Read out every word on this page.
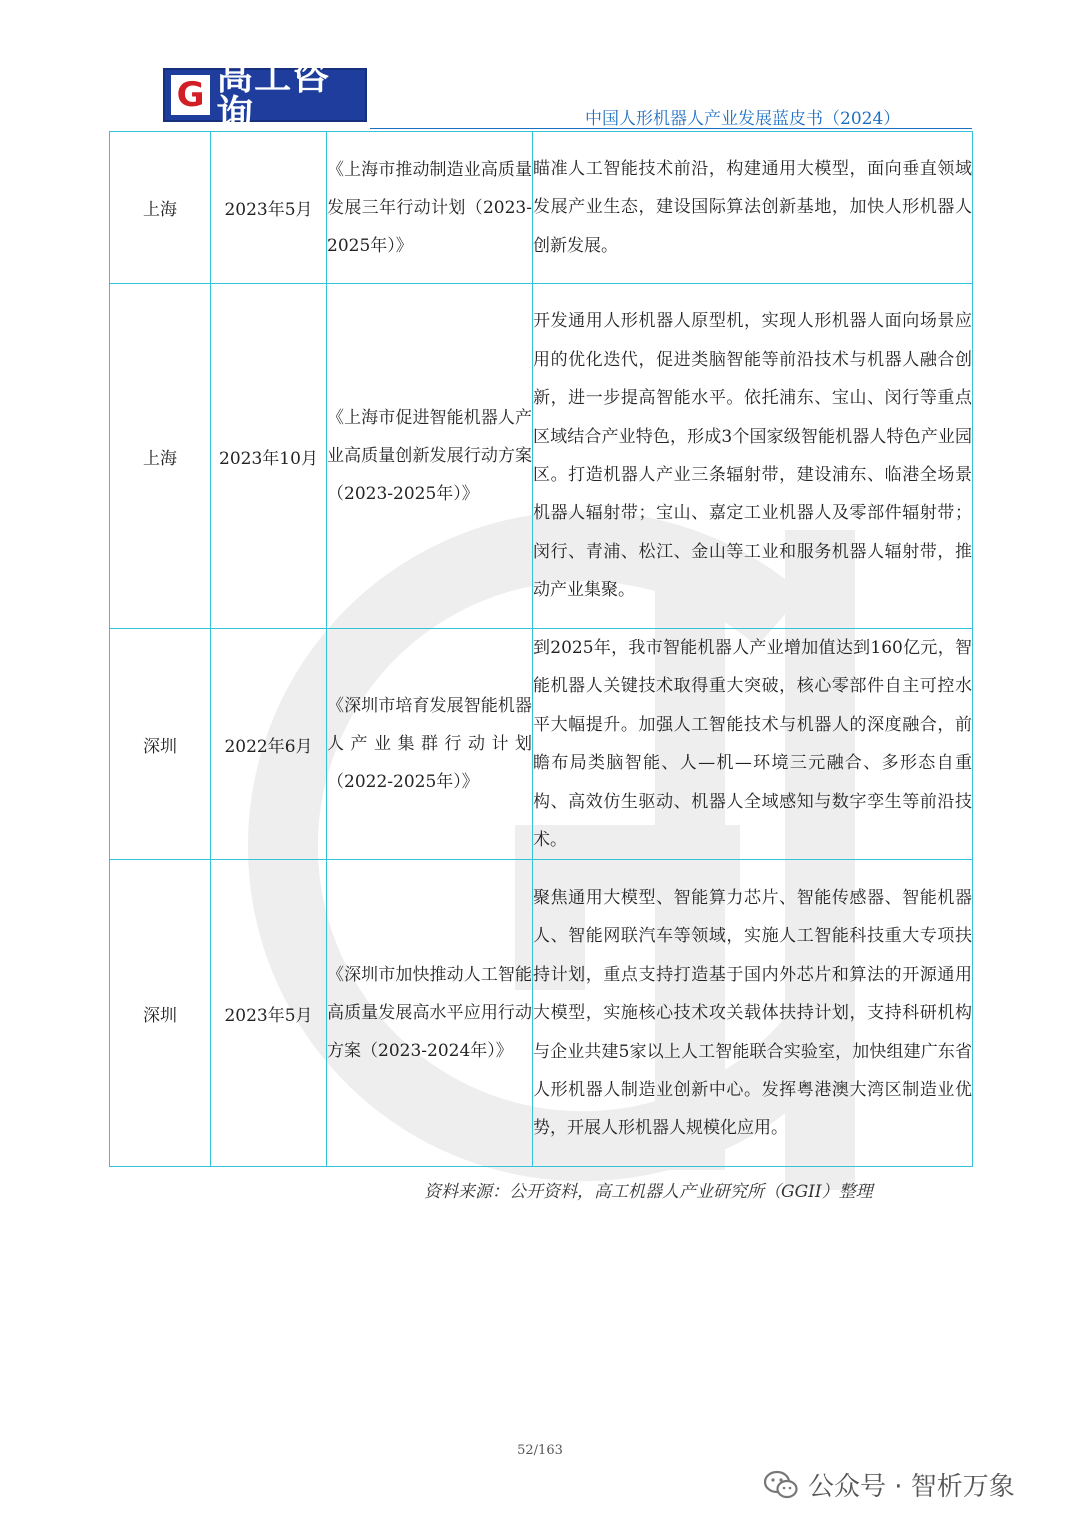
G 高工咨询	中国人形机器人产业发展蓝皮书（2024）
上海	2023年5月	《上海市推动制造业高质量发展三年行动计划（2023-2025年）》	瞄准人工智能技术前沿，构建通用大模型，面向垂直领域发展产业生态，建设国际算法创新基地，加快人形机器人创新发展。
上海	2023年10月	《上海市促进智能机器人产业高质量创新发展行动方案（2023-2025年）》	开发通用人形机器人原型机，实现人形机器人面向场景应用的优化迭代，促进类脑智能等前沿技术与机器人融合创新，进一步提高智能水平。依托浦东、宝山、闵行等重点区域结合产业特色，形成3个国家级智能机器人特色产业园区。打造机器人产业三条辐射带，建设浦东、临港全场景机器人辐射带；宝山、嘉定工业机器人及零部件辐射带；闵行、青浦、松江、金山等工业和服务机器人辐射带，推动产业集聚。
深圳	2022年6月	《深圳市培育发展智能机器人产业集群行动计划（2022-2025年）》	到2025年，我市智能机器人产业增加值达到160亿元，智能机器人关键技术取得重大突破，核心零部件自主可控水平大幅提升。加强人工智能技术与机器人的深度融合，前瞻布局类脑智能、人—机—环境三元融合、多形态自重构、高效仿生驱动、机器人全域感知与数字孪生等前沿技术。
深圳	2023年5月	《深圳市加快推动人工智能高质量发展高水平应用行动方案（2023-2024年）》	聚焦通用大模型、智能算力芯片、智能传感器、智能机器人、智能网联汽车等领域，实施人工智能科技重大专项扶持计划，重点支持打造基于国内外芯片和算法的开源通用大模型，实施核心技术攻关载体扶持计划，支持科研机构与企业共建5家以上人工智能联合实验室，加快组建广东省人形机器人制造业创新中心。发挥粤港澳大湾区制造业优势，开展人形机器人规模化应用。
资料来源：公开资料，高工机器人产业研究所（GGII）整理
52/163
公众号 · 智析万象
